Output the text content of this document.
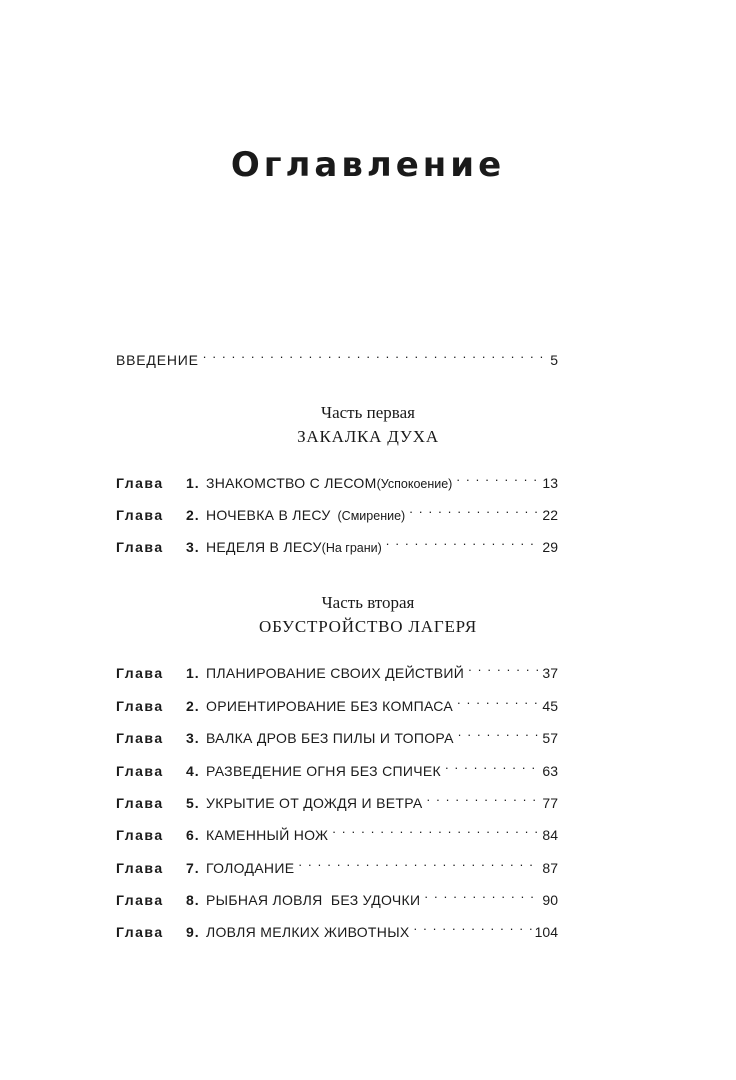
Оглавление
ВВЕДЕНИЕ . . .	5
Глава	1. ЗНАКОМСТВО С ЛЕСОМ (Успокоение) . . .	13
Глава	2. НОЧЕВКА В ЛЕСУ (Смирение) . . .	22
Глава	3. НЕДЕЛЯ В ЛЕСУ (На грани) . . .	29
Глава	1. ПЛАНИРОВАНИЕ СВОИХ ДЕЙСТВИЙ . . .	37
Глава	2. ОРИЕНТИРОВАНИЕ БЕЗ КОМПАСА . . .	45
Глава	3. ВАЛКА ДРОВ БЕЗ ПИЛЫ И ТОПОРА . . .	57
Глава	4. РАЗВЕДЕНИЕ ОГНЯ БЕЗ СПИЧЕК . . .	63
Глава	5. УКРЫТИЕ ОТ ДОЖДЯ И ВЕТРА . . .	77
Глава	6. КАМЕННЫЙ НОЖ . . .	84
Глава	7. ГОЛОДАНИЕ . . .	87
Глава	8. РЫБНАЯ ЛОВЛЯ  БЕЗ УДОЧКИ . . .	90
Глава	9. ЛОВЛЯ МЕЛКИХ ЖИВОТНЫХ . . .	104
Часть первая
ЗАКАЛКА ДУХА
Часть вторая
ОБУСТРОЙСТВО ЛАГЕРЯ
